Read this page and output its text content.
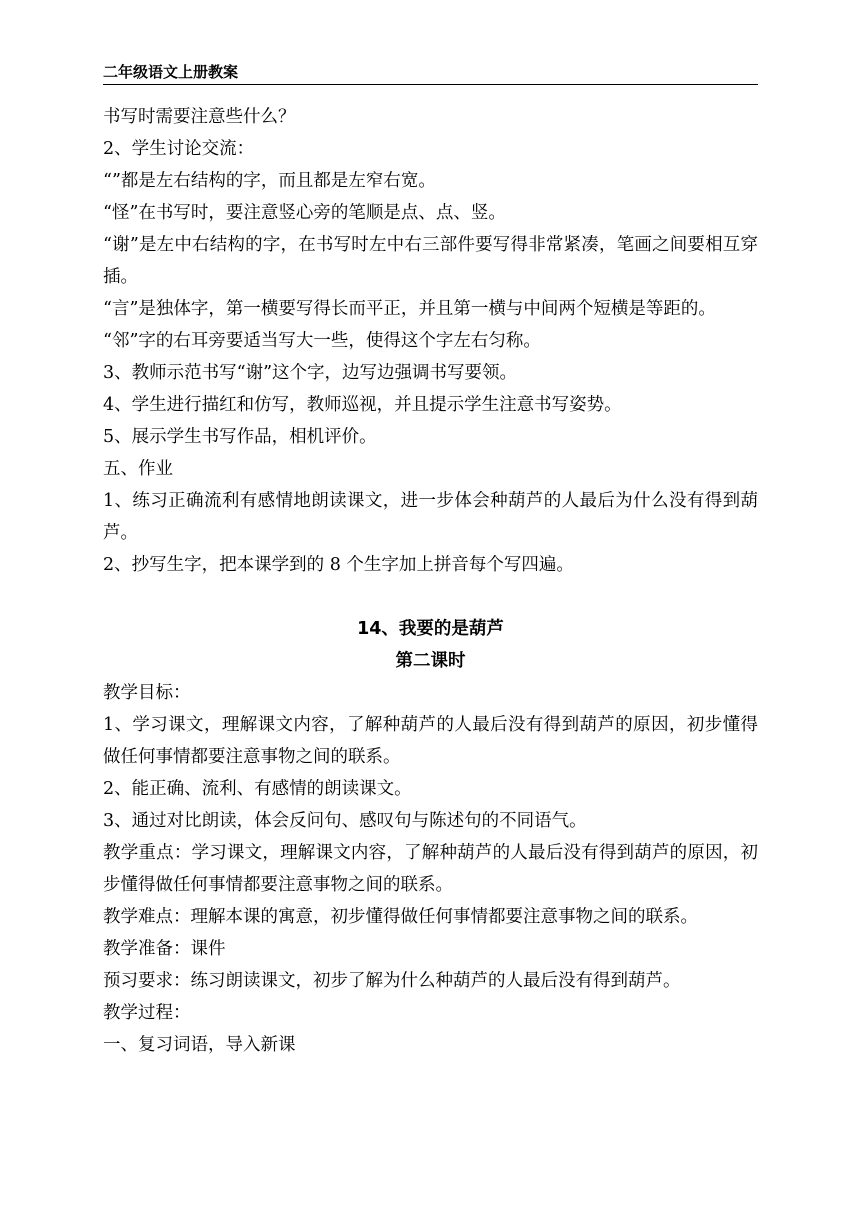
二年级语文上册教案

书写时需要注意些什么？

2、学生讨论交流：

“”都是左右结构的字，而且都是左窄右宽。

“怪”在书写时，要注意竖心旁的笔顺是点、点、竖。

“谢”是左中右结构的字，在书写时左中右三部件要写得非常紧凑，笔画之间要相互穿插。

“言”是独体字，第一横要写得长而平正，并且第一横与中间两个短横是等距的。

“邻”字的右耳旁要适当写大一些，使得这个字左右匀称。

3、教师示范书写“谢”这个字，边写边强调书写要领。

4、学生进行描红和仿写，教师巡视，并且提示学生注意书写姿势。

5、展示学生书写作品，相机评价。

五、作业

1、练习正确流利有感情地朗读课文，进一步体会种葫芦的人最后为什么没有得到葫芦。

2、抄写生字，把本课学到的 8 个生字加上拼音每个写四遍。

14、我要的是葫芦

第二课时

教学目标：

1、学习课文，理解课文内容，了解种葫芦的人最后没有得到葫芦的原因，初步懂得做任何事情都要注意事物之间的联系。

2、能正确、流利、有感情的朗读课文。

3、通过对比朗读，体会反问句、感叹句与陈述句的不同语气。

教学重点：学习课文，理解课文内容，了解种葫芦的人最后没有得到葫芦的原因，初步懂得做任何事情都要注意事物之间的联系。

教学难点：理解本课的寓意，初步懂得做任何事情都要注意事物之间的联系。

教学准备：课件

预习要求：练习朗读课文，初步了解为什么种葫芦的人最后没有得到葫芦。

教学过程：

一、复习词语，导入新课
